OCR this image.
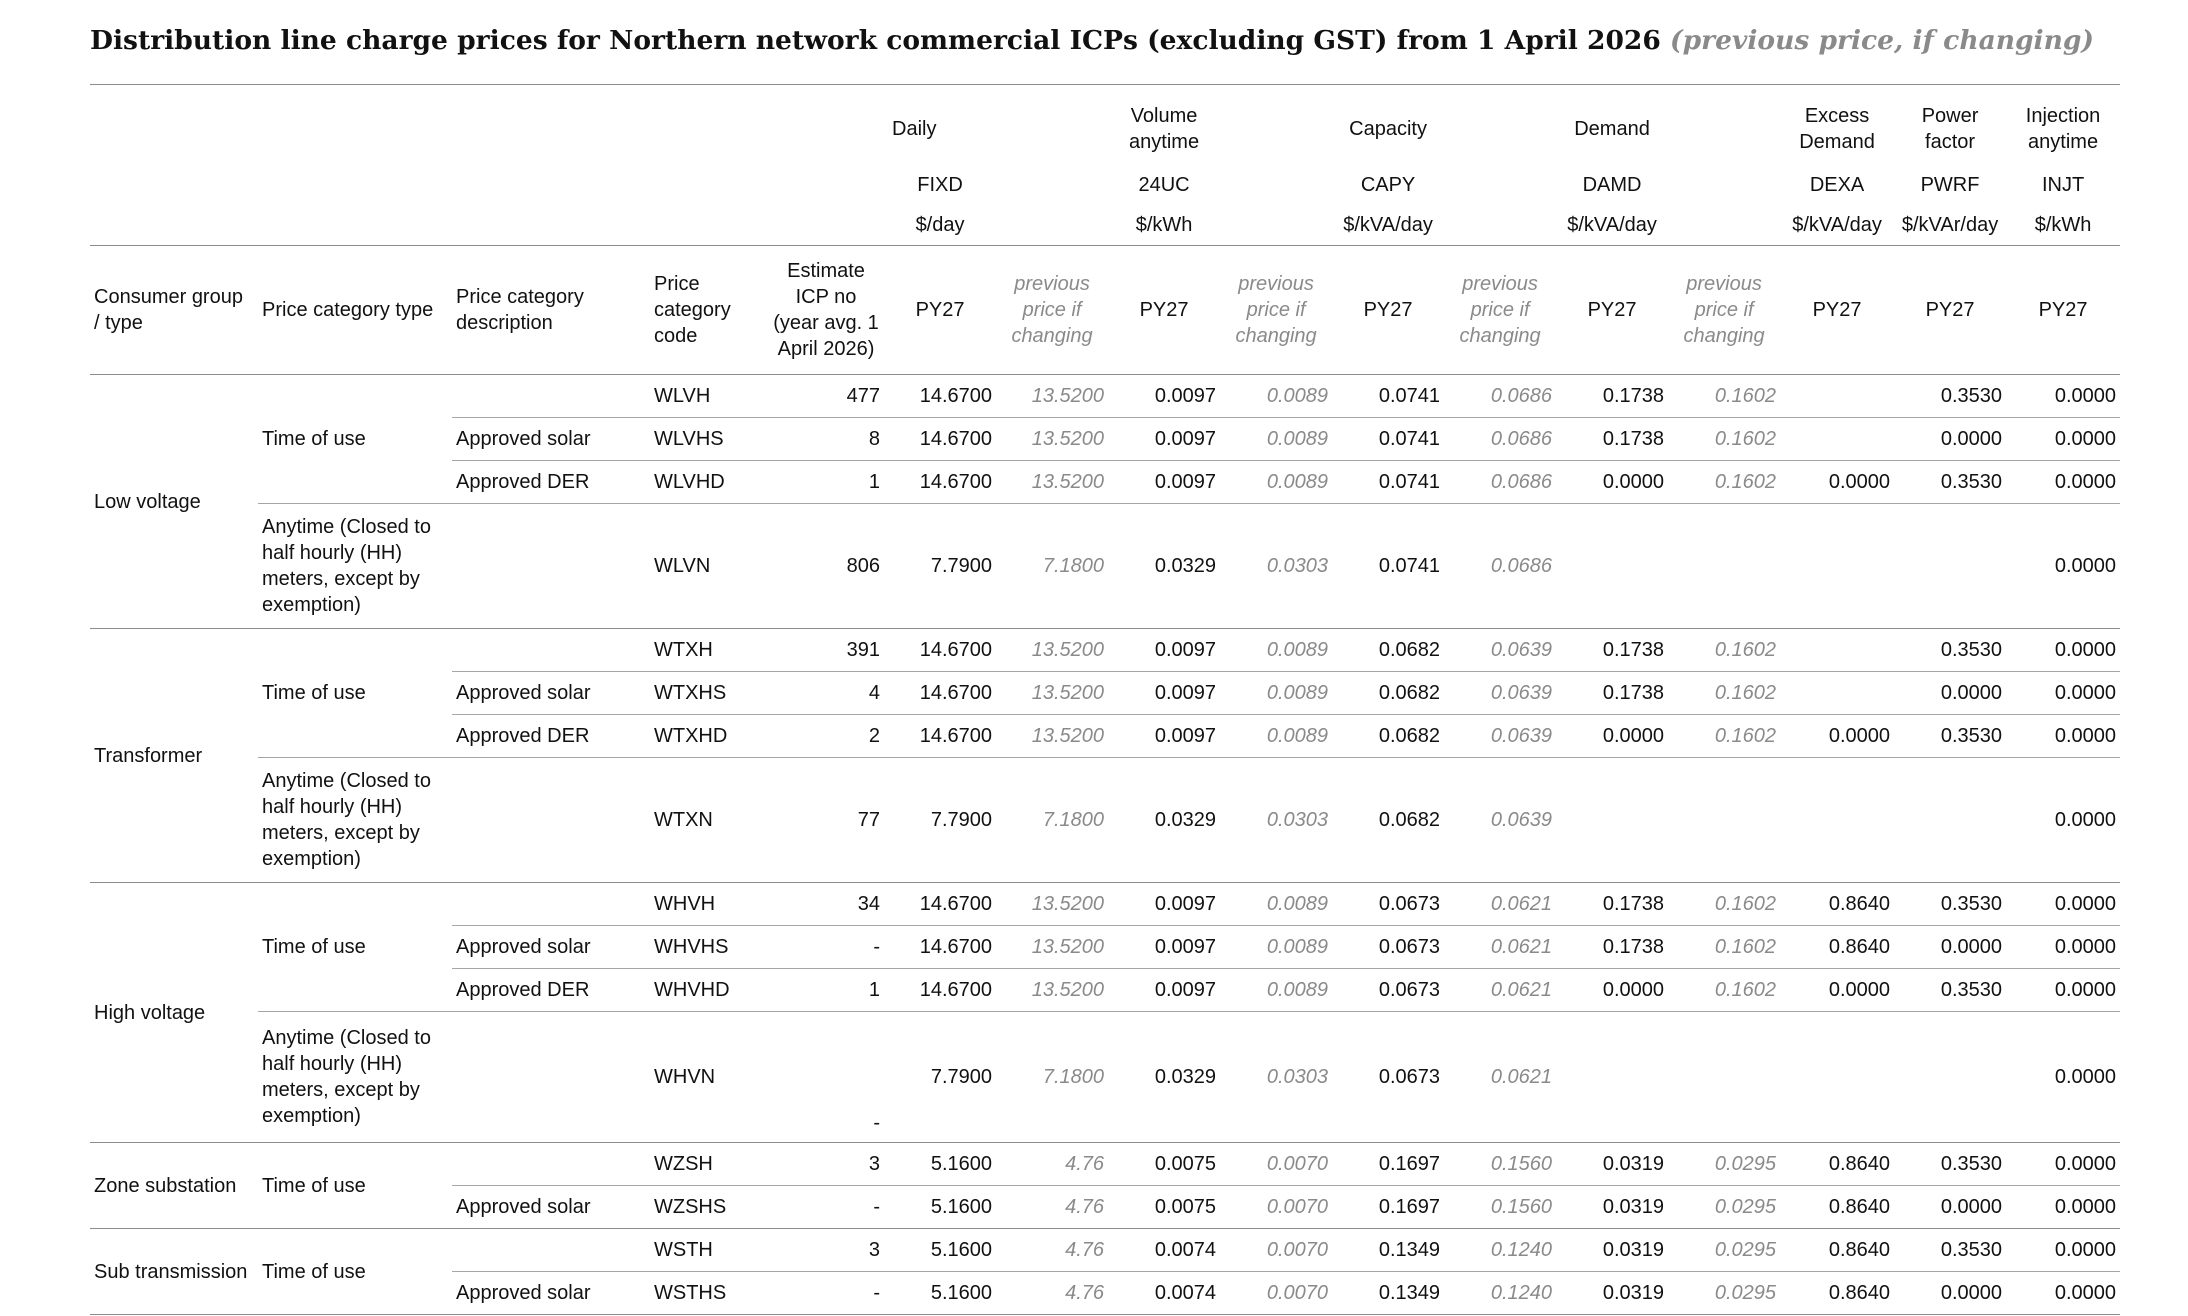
Distribution line charge prices for Northern network commercial ICPs (excluding GST) from 1 April 2026 (previous price, if changing)
					Daily		Volume anytime		Capacity		Demand		Excess Demand	Power factor	Injection anytime
					FIXD		24UC		CAPY		DAMD		DEXA	PWRF	INJT
					$/day		$/kWh		$/kVA/day		$/kVA/day		$/kVA/day	$/kVAr/day	$/kWh
Consumer group / type	Price category type	Price category description	Price category code	Estimate ICP no (year avg. 1 April 2026)	PY27	previous price if changing	PY27	previous price if changing	PY27	previous price if changing	PY27	previous price if changing	PY27	PY27	PY27
Low voltage	Time of use		WLVH	477	14.6700	13.5200	0.0097	0.0089	0.0741	0.0686	0.1738	0.1602		0.3530	0.0000
		Approved solar	WLVHS	8	14.6700	13.5200	0.0097	0.0089	0.0741	0.0686	0.1738	0.1602		0.0000	0.0000
		Approved DER	WLVHD	1	14.6700	13.5200	0.0097	0.0089	0.0741	0.0686	0.0000	0.1602	0.0000	0.3530	0.0000
	Anytime (Closed to half hourly (HH) meters, except by exemption)		WLVN	806	7.7900	7.1800	0.0329	0.0303	0.0741	0.0686					0.0000
Transformer	Time of use		WTXH	391	14.6700	13.5200	0.0097	0.0089	0.0682	0.0639	0.1738	0.1602		0.3530	0.0000
		Approved solar	WTXHS	4	14.6700	13.5200	0.0097	0.0089	0.0682	0.0639	0.1738	0.1602		0.0000	0.0000
		Approved DER	WTXHD	2	14.6700	13.5200	0.0097	0.0089	0.0682	0.0639	0.0000	0.1602	0.0000	0.3530	0.0000
	Anytime (Closed to half hourly (HH) meters, except by exemption)		WTXN	77	7.7900	7.1800	0.0329	0.0303	0.0682	0.0639					0.0000
High voltage	Time of use		WHVH	34	14.6700	13.5200	0.0097	0.0089	0.0673	0.0621	0.1738	0.1602	0.8640	0.3530	0.0000
		Approved solar	WHVHS	-	14.6700	13.5200	0.0097	0.0089	0.0673	0.0621	0.1738	0.1602	0.8640	0.0000	0.0000
		Approved DER	WHVHD	1	14.6700	13.5200	0.0097	0.0089	0.0673	0.0621	0.0000	0.1602	0.0000	0.3530	0.0000
	Anytime (Closed to half hourly (HH) meters, except by exemption)		WHVN	-	7.7900	7.1800	0.0329	0.0303	0.0673	0.0621					0.0000
Zone substation	Time of use		WZSH	3	5.1600	4.76	0.0075	0.0070	0.1697	0.1560	0.0319	0.0295	0.8640	0.3530	0.0000
		Approved solar	WZSHS	-	5.1600	4.76	0.0075	0.0070	0.1697	0.1560	0.0319	0.0295	0.8640	0.0000	0.0000
Sub transmission	Time of use		WSTH	3	5.1600	4.76	0.0074	0.0070	0.1349	0.1240	0.0319	0.0295	0.8640	0.3530	0.0000
		Approved solar	WSTHS	-	5.1600	4.76	0.0074	0.0070	0.1349	0.1240	0.0319	0.0295	0.8640	0.0000	0.0000
